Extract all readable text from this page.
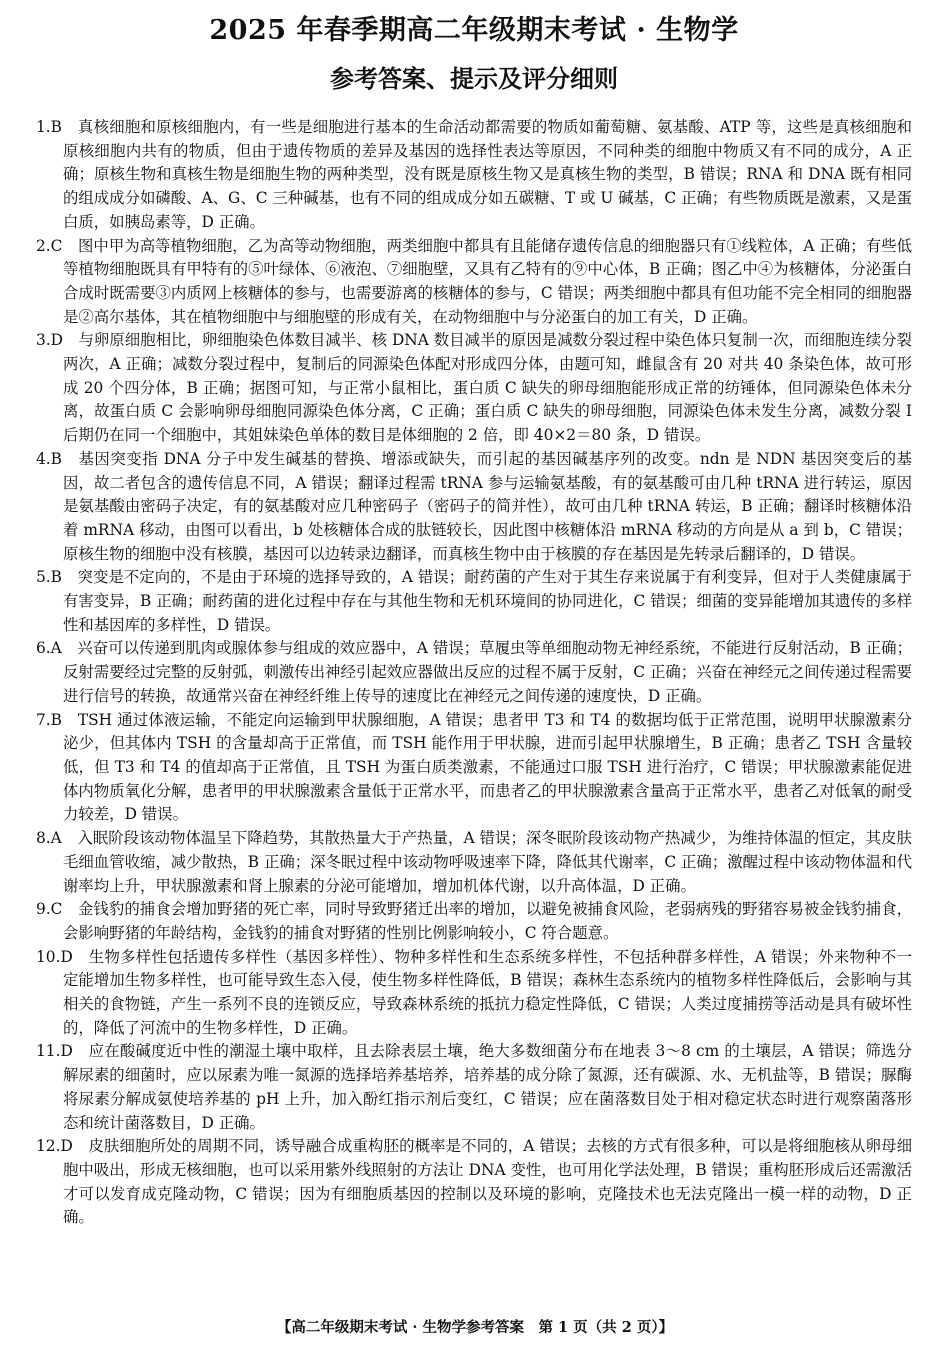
2025 年春季期高二年级期末考试 · 生物学
参考答案、提示及评分细则
1.B　 真核细胞和原核细胞内，有一些是细胞进行基本的生命活动都需要的物质如葡萄糖、氨基酸、ATP 等，这些是真核细胞和原核细胞内共有的物质，但由于遗传物质的差异及基因的选择性表达等原因，不同种类的细胞中物质又有不同的成分，A 正确；原核生物和真核生物是细胞生物的两种类型，没有既是原核生物又是真核生物的类型，B 错误；RNA 和 DNA 既有相同的组成成分如磷酸、A、G、C 三种碱基，也有不同的组成成分如五碳糖、T 或 U 碱基，C 正确；有些物质既是激素，又是蛋白质，如胰岛素等，D 正确。
2.C　 图中甲为高等植物细胞，乙为高等动物细胞，两类细胞中都具有且能储存遗传信息的细胞器只有①线粒体，A 正确；有些低等植物细胞既具有甲特有的⑤叶绿体、⑥液泡、⑦细胞壁，又具有乙特有的⑨中心体，B 正确；图乙中④为核糖体，分泌蛋白合成时既需要③内质网上核糖体的参与，也需要游离的核糖体的参与，C 错误；两类细胞中都具有但功能不完全相同的细胞器是②高尔基体，其在植物细胞中与细胞壁的形成有关，在动物细胞中与分泌蛋白的加工有关，D 正确。
3.D　 与卵原细胞相比，卵细胞染色体数目减半、核 DNA 数目减半的原因是减数分裂过程中染色体只复制一次，而细胞连续分裂两次，A 正确；减数分裂过程中，复制后的同源染色体配对形成四分体，由题可知，雌鼠含有 20 对共 40 条染色体，故可形成 20 个四分体，B 正确；据图可知，与正常小鼠相比，蛋白质 C 缺失的卵母细胞能形成正常的纺锤体，但同源染色体未分离，故蛋白质 C 会影响卵母细胞同源染色体分离，C 正确；蛋白质 C 缺失的卵母细胞，同源染色体未发生分离，减数分裂 Ⅰ 后期仍在同一个细胞中，其姐妹染色单体的数目是体细胞的 2 倍，即 40×2＝80 条，D 错误。
4.B　 基因突变指 DNA 分子中发生碱基的替换、增添或缺失，而引起的基因碱基序列的改变。ndn 是 NDN 基因突变后的基因，故二者包含的遗传信息不同，A 错误；翻译过程需 tRNA 参与运输氨基酸，有的氨基酸可由几种 tRNA 进行转运，原因是氨基酸由密码子决定，有的氨基酸对应几种密码子（密码子的简并性），故可由几种 tRNA 转运，B 正确；翻译时核糖体沿着 mRNA 移动，由图可以看出，b 处核糖体合成的肽链较长，因此图中核糖体沿 mRNA 移动的方向是从 a 到 b，C 错误；原核生物的细胞中没有核膜，基因可以边转录边翻译，而真核生物中由于核膜的存在基因是先转录后翻译的，D 错误。
5.B　 突变是不定向的，不是由于环境的选择导致的，A 错误；耐药菌的产生对于其生存来说属于有利变异，但对于人类健康属于有害变异，B 正确；耐药菌的进化过程中存在与其他生物和无机环境间的协同进化，C 错误；细菌的变异能增加其遗传的多样性和基因库的多样性，D 错误。
6.A　 兴奋可以传递到肌肉或腺体参与组成的效应器中，A 错误；草履虫等单细胞动物无神经系统，不能进行反射活动，B 正确；反射需要经过完整的反射弧，刺激传出神经引起效应器做出反应的过程不属于反射，C 正确；兴奋在神经元之间传递过程需要进行信号的转换，故通常兴奋在神经纤维上传导的速度比在神经元之间传递的速度快，D 正确。
7.B　 TSH 通过体液运输，不能定向运输到甲状腺细胞，A 错误；患者甲 T3 和 T4 的数据均低于正常范围，说明甲状腺激素分泌少，但其体内 TSH 的含量却高于正常值，而 TSH 能作用于甲状腺，进而引起甲状腺增生，B 正确；患者乙 TSH 含量较低，但 T3 和 T4 的值却高于正常值，且 TSH 为蛋白质类激素，不能通过口服 TSH 进行治疗，C 错误；甲状腺激素能促进体内物质氧化分解，患者甲的甲状腺激素含量低于正常水平，而患者乙的甲状腺激素含量高于正常水平，患者乙对低氧的耐受力较差，D 错误。
8.A　 入眠阶段该动物体温呈下降趋势，其散热量大于产热量，A 错误；深冬眠阶段该动物产热减少，为维持体温的恒定，其皮肤毛细血管收缩，减少散热，B 正确；深冬眠过程中该动物呼吸速率下降，降低其代谢率，C 正确；激醒过程中该动物体温和代谢率均上升，甲状腺激素和肾上腺素的分泌可能增加，增加机体代谢，以升高体温，D 正确。
9.C　 金钱豹的捕食会增加野猪的死亡率，同时导致野猪迁出率的增加，以避免被捕食风险，老弱病残的野猪容易被金钱豹捕食，会影响野猪的年龄结构，金钱豹的捕食对野猪的性别比例影响较小，C 符合题意。
10.D　 生物多样性包括遗传多样性（基因多样性）、物种多样性和生态系统多样性，不包括种群多样性，A 错误；外来物种不一定能增加生物多样性，也可能导致生态入侵，使生物多样性降低，B 错误；森林生态系统内的植物多样性降低后，会影响与其相关的食物链，产生一系列不良的连锁反应，导致森林系统的抵抗力稳定性降低，C 错误；人类过度捕捞等活动是具有破坏性的，降低了河流中的生物多样性，D 正确。
11.D　 应在酸碱度近中性的潮湿土壤中取样，且去除表层土壤，绝大多数细菌分布在地表 3～8 cm 的土壤层，A 错误；筛选分解尿素的细菌时，应以尿素为唯一氮源的选择培养基培养，培养基的成分除了氮源，还有碳源、水、无机盐等，B 错误；脲酶将尿素分解成氨使培养基的 pH 上升，加入酚红指示剂后变红，C 错误；应在菌落数目处于相对稳定状态时进行观察菌落形态和统计菌落数目，D 正确。
12.D　 皮肤细胞所处的周期不同，诱导融合成重构胚的概率是不同的，A 错误；去核的方式有很多种，可以是将细胞核从卵母细胞中吸出，形成无核细胞，也可以采用紫外线照射的方法让 DNA 变性，也可用化学法处理，B 错误；重构胚形成后还需激活才可以发育成克隆动物，C 错误；因为有细胞质基因的控制以及环境的影响，克隆技术也无法克隆出一模一样的动物，D 正确。
【高二年级期末考试 · 生物学参考答案　第 1 页（共 2 页）】
